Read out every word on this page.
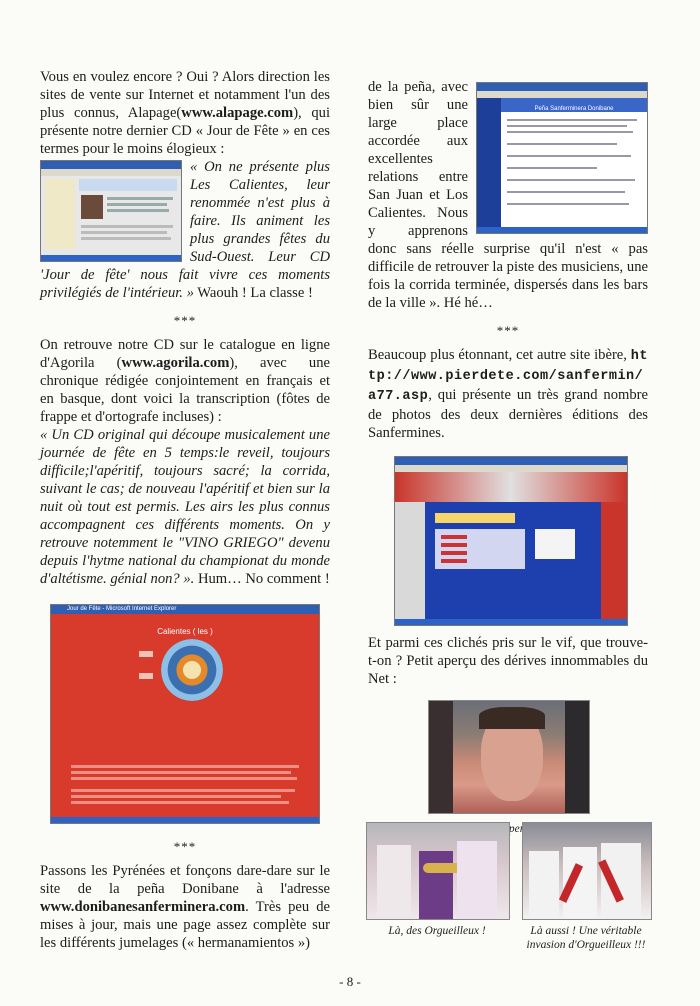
Vous en voulez encore ? Oui ? Alors direction les sites de vente sur Internet et notamment l'un des plus connus, Alapage(www.alapage.com), qui présente notre dernier CD « Jour de Fête » en ces termes pour le moins élogieux :

« On ne présente plus Les Calientes, leur renommée n'est plus à faire. Ils animent les plus grandes fêtes du Sud-Ouest. Leur CD 'Jour de fête' nous fait vivre ces moments privilégiés de l'intérieur. » Waouh ! La classe !

***

On retrouve notre CD sur le catalogue en ligne d'Agorila (www.agorila.com), avec une chronique rédigée conjointement en français et en basque, dont voici la transcription (fôtes de frappe et d'ortografe incluses) :

« Un CD original qui découpe musicalement une journée de fête en 5 temps:le reveil, toujours difficile;l'apéritif, toujours sacré; la corrida, suivant le cas; de nouveau l'apéritif et bien sur la nuit où tout est permis. Les airs les plus connus accompagnent ces différents moments. On y retrouve notemment le "VINO GRIEGO" devenu depuis l'hytme national du championat du monde d'altétisme. génial non? ». Hum… No comment !

Jour de Fête - Microsoft Internet Explorer
Calientes ( les )
***

Passons les Pyrénées et fonçons dare-dare sur le site de la peña Donibane à l'adresse www.donibanesanferminera.com. Très peu de mises à jour, mais une page assez complète sur les différents jumelages (« hermanamientos »)

Peña Sanferminera Donibane

de la peña, avec bien sûr une large place accordée aux excellentes relations entre San Juan et Los Calientes. Nous y apprenons donc sans réelle surprise qu'il n'est « pas difficile de retrouver la piste des musiciens, une fois la corrida terminée, dispersés dans les bars de la ville ». Hé hé…

***

Beaucoup plus étonnant, cet autre site ibère, http://www.pierdete.com/sanfermin/a77.asp, qui présente un très grand nombre de photos des deux dernières éditions des Sanfermines.

Et parmi ces clichés pris sur le vif, que trouve-t-on ? Petit aperçu des dérives innommables du Net :

Là, des Orgueilleux !	Là aussi ! Une véritable invasion d'Orgueilleux !!!
- 8 -
